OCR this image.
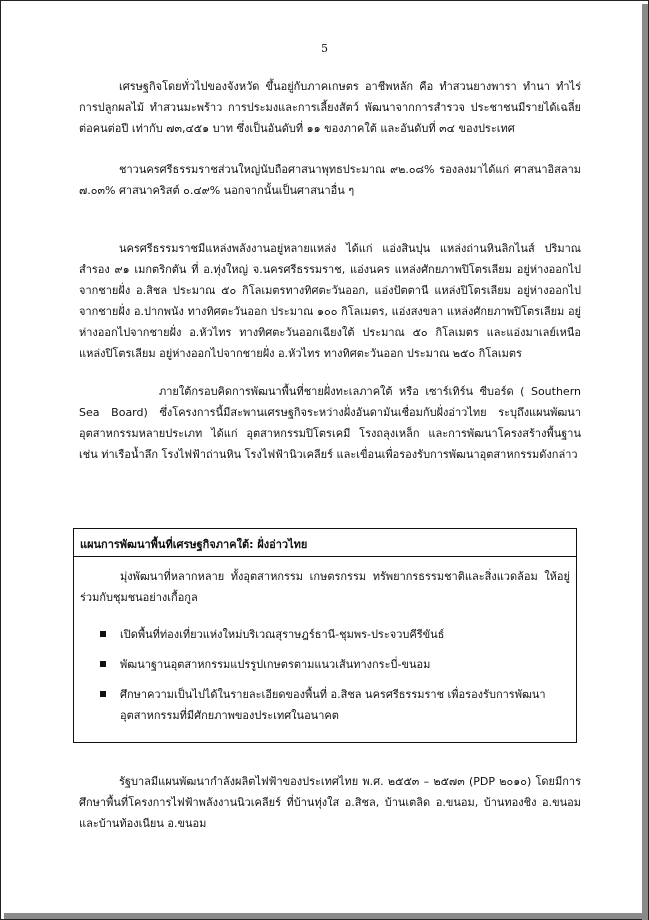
5
เศรษฐกิจโดยทั่วไปของจังหวัด ขึ้นอยู่กับภาคเกษตร อาชีพหลัก คือ ทำสวนยางพารา ทำนา ทำไร่ การปลูกผลไม้ ทำสวนมะพร้าว การประมงและการเลี้ยงสัตว์ พัฒนาจากการสำรวจ ประชาชนมีรายได้เฉลี่ยต่อคนต่อปี เท่ากับ ๗๓,๔๕๑ บาท ซึ่งเป็นอันดับที่ ๑๑ ของภาคใต้ และอันดับที่ ๓๔ ของประเทศ
ชาวนครศรีธรรมราชส่วนใหญ่นับถือศาสนาพุทธประมาณ ๙๒.๐๘% รองลงมาได้แก่ ศาสนาอิสลาม ๗.๐๓% ศาสนาคริสต์ ๐.๔๙% นอกจากนั้นเป็นศาสนาอื่น ๆ
นครศรีธรรมราชมีแหล่งพลังงานอยู่หลายแหล่ง ได้แก่ แอ่งสินปุน แหล่งถ่านหินลิกไนส์ ปริมาณสำรอง ๙๑ เมกตริกตัน ที่ อ.ทุ่งใหญ่ จ.นครศรีธรรมราช, แอ่งนคร แหล่งศักยภาพปิโตรเลียม อยู่ห่างออกไปจากชายฝั่ง อ.สิชล ประมาณ ๕๐ กิโลเมตรทางทิศตะวันออก, แอ่งปัตตานี แหล่งปิโตรเลียม อยู่ห่างออกไปจากชายฝั่ง อ.ปากพนัง ทางทิศตะวันออก ประมาณ ๑๐๐ กิโลเมตร, แอ่งสงขลา แหล่งศักยภาพปิโตรเลียม อยู่ห่างออกไปจากชายฝั่ง อ.หัวไทร ทางทิศตะวันออกเฉียงใต้ ประมาณ ๕๐ กิโลเมตร และแอ่งมาเลย์เหนือ แหล่งปิโตรเลียม อยู่ห่างออกไปจากชายฝั่ง อ.หัวไทร ทางทิศตะวันออก ประมาณ ๒๕๐ กิโลเมตร
ภายใต้กรอบคิดการพัฒนาพื้นที่ชายฝั่งทะเลภาคใต้ หรือ เซาร์เทิร์น ซีบอร์ด ( Southern Sea Board) ซึ่งโครงการนี้มีสะพานเศรษฐกิจระหว่างฝั่งอันดามันเชื่อมกับฝั่งอ่าวไทย ระบุถึงแผนพัฒนาอุตสาหกรรมหลายประเภท ได้แก่ อุตสาหกรรมปิโตรเคมี โรงถลุงเหล็ก และการพัฒนาโครงสร้างพื้นฐาน เช่น ท่าเรือน้ำลึก โรงไฟฟ้าถ่านหิน โรงไฟฟ้านิวเคลียร์ และเขื่อนเพื่อรองรับการพัฒนาอุตสาหกรรมดังกล่าว
แผนการพัฒนาพื้นที่เศรษฐกิจภาคใต้: ฝั่งอ่าวไทย
มุ่งพัฒนาที่หลากหลาย ทั้งอุตสาหกรรม เกษตรกรรม ทรัพยากรธรรมชาติและสิ่งแวดล้อม ให้อยู่ร่วมกับชุมชนอย่างเกื้อกูล
เปิดพื้นที่ท่องเที่ยวแห่งใหม่บริเวณสุราษฎร์ธานี-ชุมพร-ประจวบคีรีขันธ์
พัฒนาฐานอุตสาหกรรมแปรรูปเกษตรตามแนวเส้นทางกระบี่-ขนอม
ศึกษาความเป็นไปได้ในรายละเอียดของพื้นที่ อ.สิชล นครศรีธรรมราช เพื่อรองรับการพัฒนาอุตสาหกรรมที่มีศักยภาพของประเทศในอนาคต
รัฐบาลมีแผนพัฒนากำลังผลิตไฟฟ้าของประเทศไทย พ.ศ. ๒๕๕๓ – ๒๕๗๓ (PDP ๒๐๑๐) โดยมีการศึกษาพื้นที่โครงการไฟฟ้าพลังงานนิวเคลียร์ ที่บ้านทุ่งใส อ.สิชล, บ้านเตลิด อ.ขนอม, บ้านทองชิง อ.ขนอม และบ้านท้องเนียน อ.ขนอม
